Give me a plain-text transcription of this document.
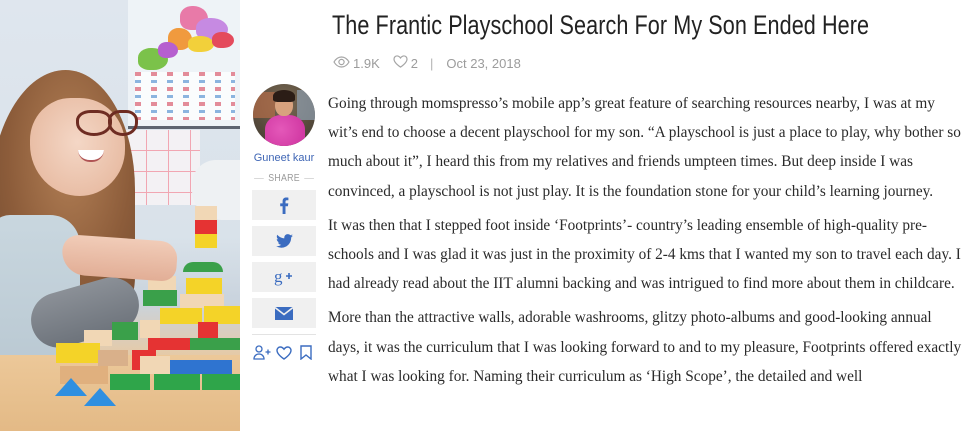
Guneet kaur
SHARE
g
The Frantic Playschool Search For My Son Ended Here
1.9K 2 | Oct 23, 2018

Going through momspresso’s mobile app’s great feature of searching resources nearby, I was at my wit’s end to choose a decent playschool for my son. “A playschool is just a place to play, why bother so much about it”, I heard this from my relatives and friends umpteen times. But deep inside I was convinced, a playschool is not just play. It is the foundation stone for your child’s learning journey.

It was then that I stepped foot inside ‘Footprints’- country’s leading ensemble of high-quality pre-schools and I was glad it was just in the proximity of 2-4 kms that I wanted my son to travel each day. I had already read about the IIT alumni backing and was intrigued to find more about them in childcare.

More than the attractive walls, adorable washrooms, glitzy photo-albums and good-looking annual days, it was the curriculum that I was looking forward to and to my pleasure, Footprints offered exactly what I was looking for. Naming their curriculum as ‘High Scope’, the detailed and well
